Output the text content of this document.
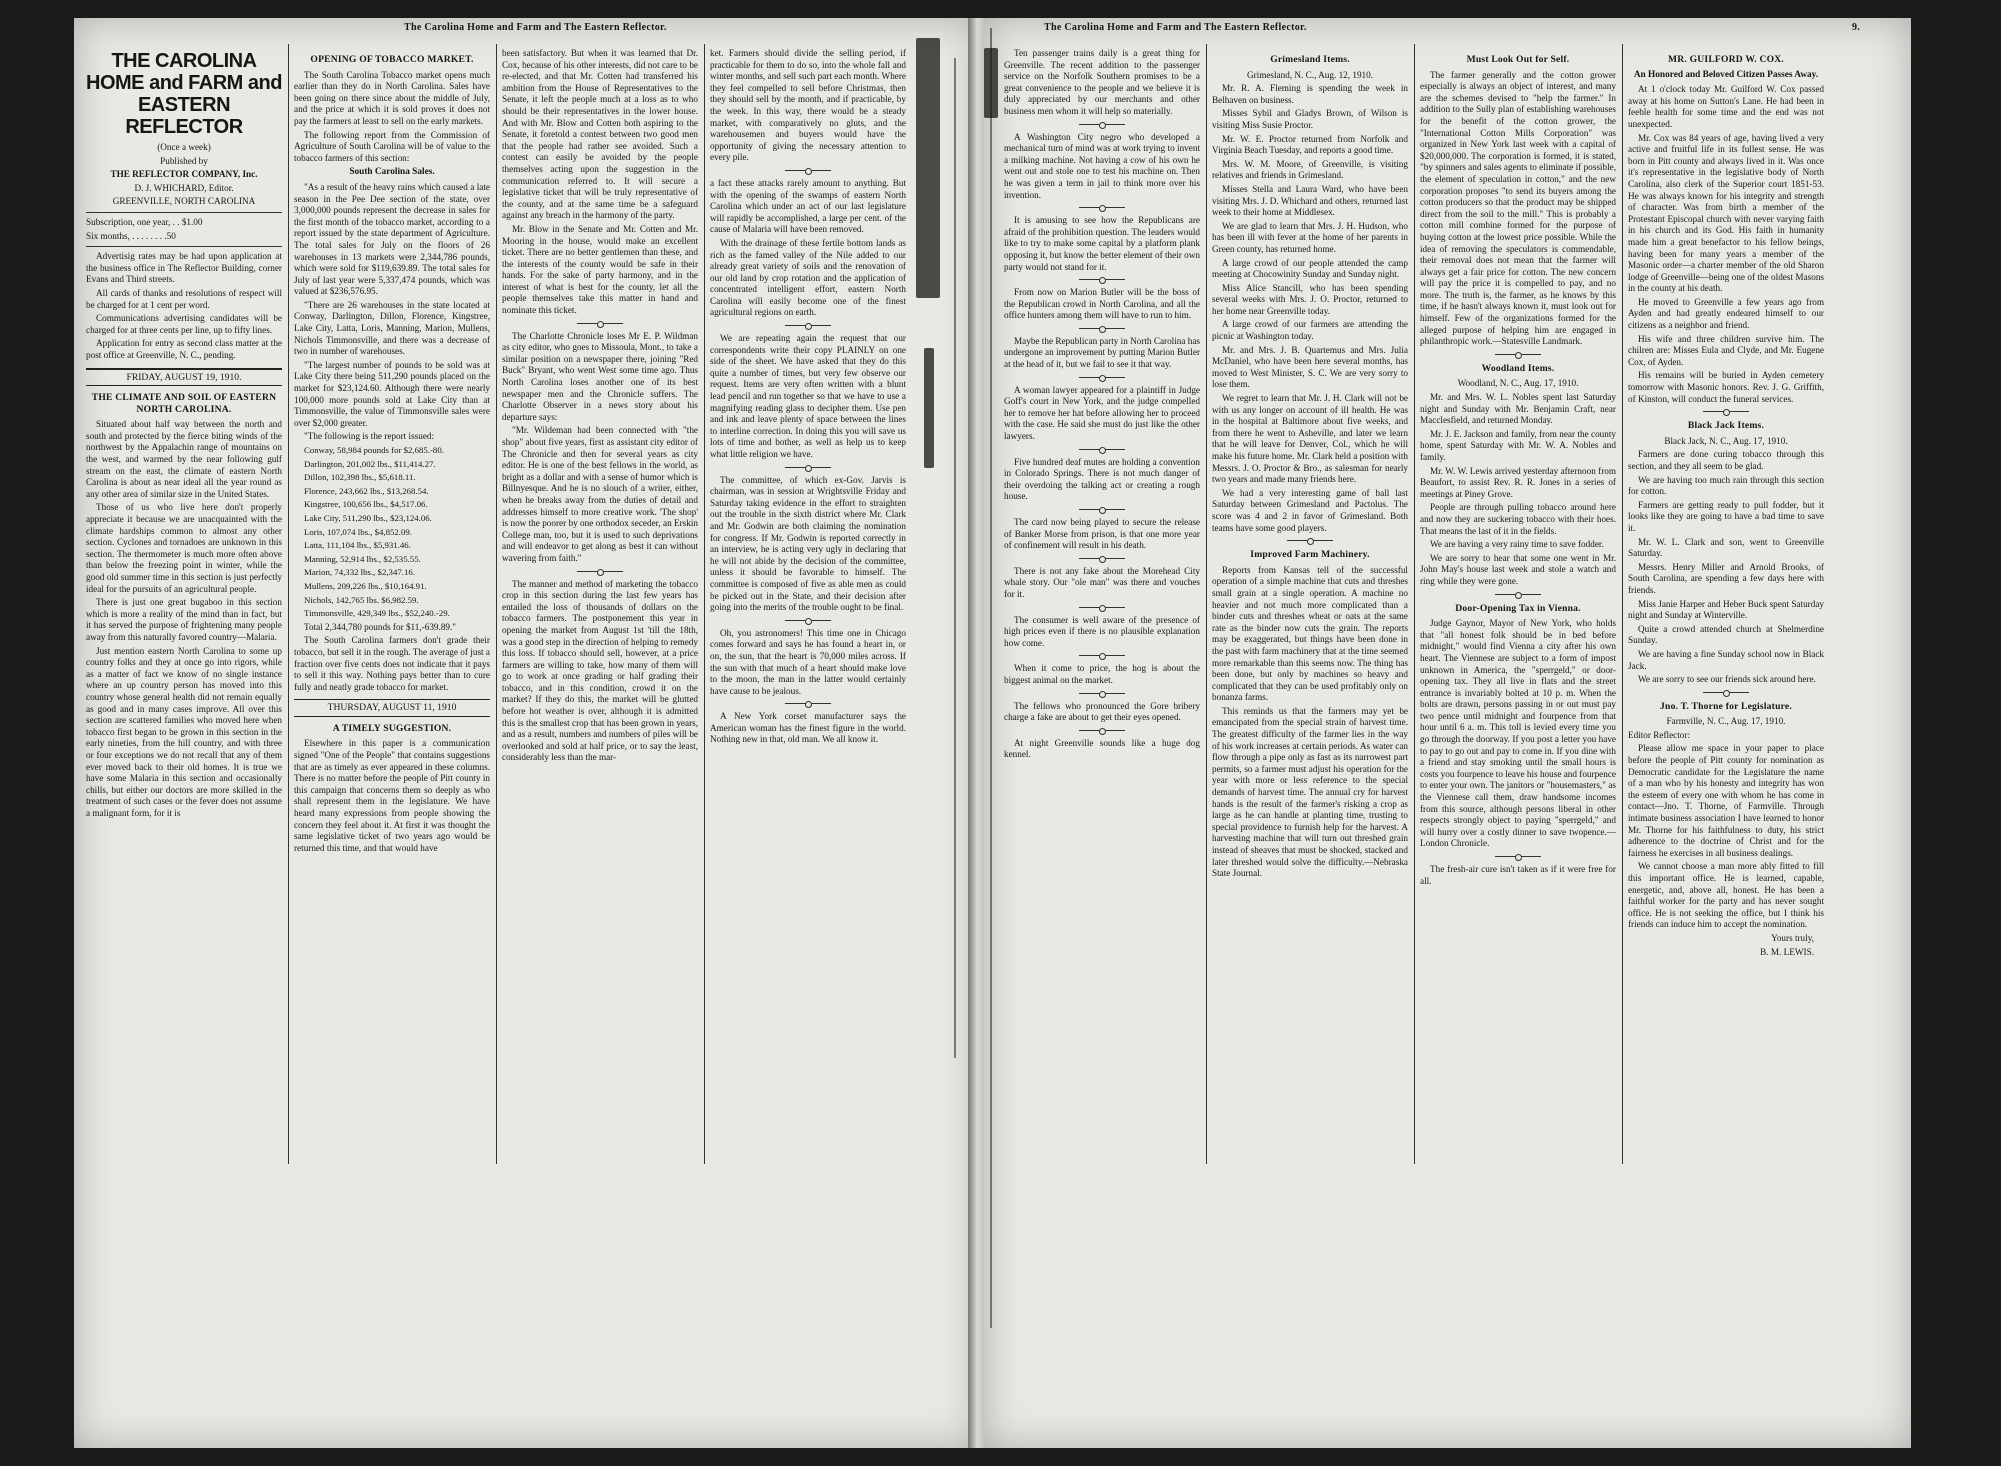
The Carolina Home and Farm and The Eastern Reflector.
THE CAROLINA HOME and FARM and EASTERN REFLECTOR

(Once a week)

Published by

THE REFLECTOR COMPANY, Inc.

D. J. WHICHARD, Editor.

GREENVILLE, NORTH CAROLINA

Subscription, one year, . . $1.00

Six months, . . . . . . . .50

Advertisig rates may be had upon application at the business office in The Reflector Building, corner Evans and Third streets.

All cards of thanks and resolutions of respect will be charged for at 1 cent per word.

Communications advertising candidates will be charged for at three cents per line, up to fifty lines.

Application for entry as second class matter at the post office at Greenville, N. C., pending.

FRIDAY, AUGUST 19, 1910.
THE CLIMATE AND SOIL OF EASTERN NORTH CAROLINA.

Situated about half way between the north and south and protected by the fierce biting winds of the northwest by the Appalachin range of mountains on the west, and warmed by the near following gulf stream on the east, the climate of eastern North Carolina is about as near ideal all the year round as any other area of similar size in the United States.

Those of us who live here don't properly appreciate it because we are unacquainted with the climate hardships common to almost any other section. Cyclones and tornadoes are unknown in this section. The thermometer is much more often above than below the freezing point in winter, while the good old summer time in this section is just perfectly ideal for the pursuits of an agricultural people.

There is just one great bugaboo in this section which is more a reality of the mind than in fact, but it has served the purpose of frightening many people away from this naturally favored country—Malaria.

Just mention eastern North Carolina to some up country folks and they at once go into rigors, while as a matter of fact we know of no single instance where an up country person has moved into this country whose general health did not remain equally as good and in many cases improve. All over this section are scattered families who moved here when tobacco first began to be grown in this section in the early nineties, from the hill country, and with three or four exceptions we do not recall that any of them ever moved back to their old homes. It is true we have some Malaria in this section and occasionally chills, but either our doctors are more skilled in the treatment of such cases or the fever does not assume a malignant form, for it is

OPENING OF TOBACCO MARKET.

The South Carolina Tobacco market opens much earlier than they do in North Carolina. Sales have been going on there since about the middle of July, and the price at which it is sold proves it does not pay the farmers at least to sell on the early markets.

The following report from the Commission of Agriculture of South Carolina will be of value to the tobacco farmers of this section:

South Carolina Sales.

"As a result of the heavy rains which caused a late season in the Pee Dee section of the state, over 3,000,000 pounds represent the decrease in sales for the first month of the tobacco market, according to a report issued by the state department of Agriculture. The total sales for July on the floors of 26 warehouses in 13 markets were 2,344,786 pounds, which were sold for $119,639.89. The total sales for July of last year were 5,337,474 pounds, which was valued at $236,576.95.

"There are 26 warehouses in the state located at Conway, Darlington, Dillon, Florence, Kingstree, Lake City, Latta, Loris, Manning, Marion, Mullens, Nichols Timmonsville, and there was a decrease of two in number of warehouses.

"The largest number of pounds to be sold was at Lake City there being 511,290 pounds placed on the market for $23,124.60. Although there were nearly 100,000 more pounds sold at Lake City than at Timmonsville, the value of Timmonsville sales were over $2,000 greater.

"The following is the report issued:

Conway, 58,984 pounds for $2,685.-80.

Darlington, 201,002 lbs., $11,414.27.

Dillon, 102,398 lbs., $5,618.11.

Florence, 243,662 lbs., $13,268.54.

Kingstree, 100,656 lbs., $4,517.06.

Lake City, 511,290 lbs., $23,124.06.

Loris, 107,074 lbs., $4,852.09.

Latta, 111,104 lbs., $5,931.46.

Manning, 52,914 lbs., $2,535.55.

Marion, 74,332 lbs., $2,347.16.

Mullens, 209,226 lbs., $10,164.91.

Nichols, 142,765 lbs. $6,982.59.

Timmonsville, 429,349 lbs., $52,240.-29.

Total 2,344,780 pounds for $11,-639.89."

The South Carolina farmers don't grade their tobacco, but sell it in the rough. The average of just a fraction over five cents does not indicate that it pays to sell it this way. Nothing pays better than to cure fully and neatly grade tobacco for market.

THURSDAY, AUGUST 11, 1910
A TIMELY SUGGESTION.

Elsewhere in this paper is a communication signed "One of the People" that contains suggestions that are as timely as ever appeared in these columns. There is no matter before the people of Pitt county in this campaign that concerns them so deeply as who shall represent them in the legislature. We have heard many expressions from people showing the concern they feel about it. At first it was thought the same legislative ticket of two years ago would be returned this time, and that would have

been satisfactory. But when it was learned that Dr. Cox, because of his other interests, did not care to be re-elected, and that Mr. Cotten had transferred his ambition from the House of Representatives to the Senate, it left the people much at a loss as to who should be their representatives in the lower house. And with Mr. Blow and Cotten both aspiring to the Senate, it foretold a contest between two good men that the people had rather see avoided. Such a contest can easily be avoided by the people themselves acting upon the suggestion in the communication referred to. It will secure a legislative ticket that will be truly representative of the county, and at the same time be a safeguard against any breach in the harmony of the party.

Mr. Blow in the Senate and Mr. Cotten and Mr. Mooring in the house, would make an excellent ticket. There are no better gentlemen than these, and the interests of the county would be safe in their hands. For the sake of party harmony, and in the interest of what is best for the county, let all the people themselves take this matter in hand and nominate this ticket.

The Charlotte Chronicle loses Mr E. P. Wildman as city editor, who goes to Missoula, Mont., to take a similar position on a newspaper there, joining "Red Buck" Bryant, who went West some time ago. Thus North Carolina loses another one of its best newspaper men and the Chronicle suffers. The Charlotte Observer in a news story about his departure says:

"Mr. Wildeman had been connected with "the shop" about five years, first as assistant city editor of The Chronicle and then for several years as city editor. He is one of the best fellows in the world, as bright as a dollar and with a sense of humor which is Billnyesque. And he is no slouch of a writer, either, when he breaks away from the duties of detail and addresses himself to more creative work. 'The shop' is now the poorer by one orthodox seceder, an Erskin College man, too, but it is used to such deprivations and will endeavor to get along as best it can without wavering from faith."

The manner and method of marketing the tobacco crop in this section during the last few years has entailed the loss of thousands of dollars on the tobacco farmers. The postponement this year in opening the market from August 1st 'till the 18th, was a good step in the direction of helping to remedy this loss. If tobacco should sell, however, at a price farmers are willing to take, how many of them will go to work at once grading or half grading their tobacco, and in this condition, crowd it on the market? If they do this, the market will be glutted before hot weather is over, although it is admitted this is the smallest crop that has been grown in years, and as a result, numbers and numbers of piles will be overlooked and sold at half price, or to say the least, considerably less than the mar-

ket. Farmers should divide the selling period, if practicable for them to do so, into the whole fall and winter months, and sell such part each month. Where they feel compelled to sell before Christmas, then they should sell by the month, and if practicable, by the week. In this way, there would be a steady market, with comparatively no gluts, and the warehousemen and buyers would have the opportunity of giving the necessary attention to every pile.

a fact these attacks rarely amount to anything. But with the opening of the swamps of eastern North Carolina which under an act of our last legislature will rapidly be accomplished, a large per cent. of the cause of Malaria will have been removed.

With the drainage of these fertile bottom lands as rich as the famed valley of the Nile added to our already great variety of soils and the renovation of our old land by crop rotation and the application of concentrated intelligent effort, eastern North Carolina will easily become one of the finest agricultural regions on earth.

We are repeating again the request that our correspondents write their copy PLAINLY on one side of the sheet. We have asked that they do this quite a number of times, but very few observe our request. Items are very often written with a blunt lead pencil and run together so that we have to use a magnifying reading glass to decipher them. Use pen and ink and leave plenty of space between the lines to interline correction. In doing this you will save us lots of time and bother, as well as help us to keep what little religion we have.

The committee, of which ex-Gov. Jarvis is chairman, was in session at Wrightsville Friday and Saturday taking evidence in the effort to straighten out the trouble in the sixth district where Mr. Clark and Mr. Godwin are both claiming the nomination for congress. If Mr. Godwin is reported correctly in an interview, he is acting very ugly in declaring that he will not abide by the decision of the committee, unless it should be favorable to himself. The committee is composed of five as able men as could be picked out in the State, and their decision after going into the merits of the trouble ought to be final.

Oh, you astronomers! This time one in Chicago comes forward and says he has found a heart in, or on, the sun, that the heart is 70,000 miles across. If the sun with that much of a heart should make love to the moon, the man in the latter would certainly have cause to be jealous.

A New York corset manufacturer says the American woman has the finest figure in the world. Nothing new in that, old man. We all know it.

The Carolina Home and Farm and The Eastern Reflector.	9.

Ten passenger trains daily is a great thing for Greenville. The recent addition to the passenger service on the Norfolk Southern promises to be a great convenience to the people and we believe it is duly appreciated by our merchants and other business men whom it will help so materially.

A Washington City negro who developed a mechanical turn of mind was at work trying to invent a milking machine. Not having a cow of his own he went out and stole one to test his machine on. Then he was given a term in jail to think more over his invention.

It is amusing to see how the Republicans are afraid of the prohibition question. The leaders would like to try to make some capital by a platform plank opposing it, but know the better element of their own party would not stand for it.

From now on Marion Butler will be the boss of the Republican crowd in North Carolina, and all the office hunters among them will have to run to him.

Maybe the Republican party in North Carolina has undergone an improvement by putting Marion Butler at the head of it, but we fail to see it that way.

A woman lawyer appeared for a plaintiff in Judge Goff's court in New York, and the judge compelled her to remove her hat before allowing her to proceed with the case. He said she must do just like the other lawyers.

Five hundred deaf mutes are holding a convention in Colorado Springs. There is not much danger of their overdoing the talking act or creating a rough house.

The card now being played to secure the release of Banker Morse from prison, is that one more year of confinement will result in his death.

There is not any fake about the Morehead City whale story. Our "ole man" was there and vouches for it.

The consumer is well aware of the presence of high prices even if there is no plausible explanation how come.

When it come to price, the hog is about the biggest animal on the market.

The fellows who pronounced the Gore bribery charge a fake are about to get their eyes opened.

At night Greenville sounds like a huge dog kennel.

Grimesland Items.

Grimesland, N. C., Aug. 12, 1910.

Mr. R. A. Fleming is spending the week in Belhaven on business.

Misses Sybil and Gladys Brown, of Wilson is visiting Miss Susie Proctor.

Mr. W. E. Proctor returned from Norfolk and Virginia Beach Tuesday, and reports a good time.

Mrs. W. M. Moore, of Greenville, is visiting relatives and friends in Grimesland.

Misses Stella and Laura Ward, who have been visiting Mrs. J. D. Whichard and others, returned last week to their home at Middlesex.

We are glad to learn that Mrs. J. H. Hudson, who has been ill with fever at the home of her parents in Green county, has returned home.

A large crowd of our people attended the camp meeting at Chocowinity Sunday and Sunday night.

Miss Alice Stancill, who has been spending several weeks with Mrs. J. O. Proctor, returned to her home near Greenville today.

A large crowd of our farmers are attending the picnic at Washington today.

Mr. and Mrs. J. B. Quartemus and Mrs. Julia McDaniel, who have been here several months, has moved to West Minister, S. C. We are very sorry to lose them.

We regret to learn that Mr. J. H. Clark will not be with us any longer on account of ill health. He was in the hospital at Baltimore about five weeks, and from there he went to Asheville, and later we learn that he will leave for Denver, Col., which he will make his future home. Mr. Clark held a position with Messrs. J. O. Proctor & Bro., as salesman for nearly two years and made many friends here.

We had a very interesting game of ball last Saturday between Grimesland and Pactolus. The score was 4 and 2 in favor of Grimesland. Both teams have some good players.

Improved Farm Machinery.

Reports from Kansas tell of the successful operation of a simple machine that cuts and threshes small grain at a single operation. A machine no heavier and not much more complicated than a binder cuts and threshes wheat or oats at the same rate as the binder now cuts the grain. The reports may be exaggerated, but things have been done in the past with farm machinery that at the time seemed more remarkable than this seems now. The thing has been done, but only by machines so heavy and complicated that they can be used profitably only on bonanza farms.

This reminds us that the farmers may yet be emancipated from the special strain of harvest time. The greatest difficulty of the farmer lies in the way of his work increases at certain periods. As water can flow through a pipe only as fast as its narrowest part permits, so a farmer must adjust his operation for the year with more or less reference to the special demands of harvest time. The annual cry for harvest hands is the result of the farmer's risking a crop as large as he can handle at planting time, trusting to special providence to furnish help for the harvest. A harvesting machine that will turn out threshed grain instead of sheaves that must be shocked, stacked and later threshed would solve the difficulty.—Nebraska State Journal.

Must Look Out for Self.

The farmer generally and the cotton grower especially is always an object of interest, and many are the schemes devised to "help the farmer." In addition to the Sully plan of establishing warehouses for the benefit of the cotton grower, the "International Cotton Mills Corporation" was organized in New York last week with a capital of $20,000,000. The corporation is formed, it is stated, "by spinners and sales agents to eliminate if possible, the element of speculation in cotton," and the new corporation proposes "to send its buyers among the cotton producers so that the product may be shipped direct from the soil to the mill." This is probably a cotton mill combine formed for the purpose of buying cotton at the lowest price possible. While the idea of removing the speculators is commendable, their removal does not mean that the farmer will always get a fair price for cotton. The new concern will pay the price it is compelled to pay, and no more. The truth is, the farmer, as he knows by this time, if he hasn't always known it, must look out for himself. Few of the organizations formed for the alleged purpose of helping him are engaged in philanthropic work.—Statesville Landmark.

Woodland Items.

Woodland, N. C., Aug. 17, 1910.

Mr. and Mrs. W. L. Nobles spent last Saturday night and Sunday with Mr. Benjamin Craft, near Macclesfield, and returned Monday.

Mr. J. E. Jackson and family, from near the county home, spent Saturday with Mr. W. A. Nobles and family.

Mr. W. W. Lewis arrived yesterday afternoon from Beaufort, to assist Rev. R. R. Jones in a series of meetings at Piney Grove.

People are through pulling tobacco around here and now they are suckering tobacco with their hoes. That means the last of it in the fields.

We are having a very rainy time to save fodder.

We are sorry to hear that some one went in Mr. John May's house last week and stole a watch and ring while they were gone.

Door-Opening Tax in Vienna.

Judge Gaynor, Mayor of New York, who holds that "all honest folk should be in bed before midnight," would find Vienna a city after his own heart. The Viennese are subject to a form of impost unknown in America, the "sperrgeld," or door-opening tax. They all live in flats and the street entrance is invariably bolted at 10 p. m. When the bolts are drawn, persons passing in or out must pay two pence until midnight and fourpence from that hour until 6 a. m. This toll is levied every time you go through the doorway. If you post a letter you have to pay to go out and pay to come in. If you dine with a friend and stay smoking until the small hours is costs you fourpence to leave his house and fourpence to enter your own. The janitors or "housemasters," as the Viennese call them, draw handsome incomes from this source, although persons liberal in other respects strongly object to paying "sperrgeld," and will hurry over a costly dinner to save twopence.—London Chronicle.

The fresh-air cure isn't taken as if it were free for all.

MR. GUILFORD W. COX.
An Honored and Beloved Citizen Passes Away.

At 1 o'clock today Mr. Guilford W. Cox passed away at his home on Sutton's Lane. He had been in feeble health for some time and the end was not unexpected.

Mr. Cox was 84 years of age, having lived a very active and fruitful life in its fullest sense. He was born in Pitt county and always lived in it. Was once it's representative in the legislative body of North Carolina, also clerk of the Superior court 1851-53. He was always known for his integrity and strength of character. Was from birth a member of the Protestant Episcopal church with never varying faith in his church and its God. His faith in humanity made him a great benefactor to his fellow beings, having been for many years a member of the Masonic order—a charter member of the old Sharon lodge of Greenville—being one of the oldest Masons in the county at his death.

He moved to Greenville a few years ago from Ayden and had greatly endeared himself to our citizens as a neighbor and friend.

His wife and three children survive him. The chilren are: Misses Eula and Clyde, and Mr. Eugene Cox, of Ayden.

His remains will be buried in Ayden cemetery tomorrow with Masonic honors. Rev. J. G. Griffith, of Kinston, will conduct the funeral services.

Black Jack Items.

Black Jack, N. C., Aug. 17, 1910.

Farmers are done curing tobacco through this section, and they all seem to be glad.

We are having too much rain through this section for cotton.

Farmers are getting ready to pull fodder, but it looks like they are going to have a bad time to save it.

Mr. W. L. Clark and son, went to Greenville Saturday.

Messrs. Henry Miller and Arnold Brooks, of South Carolina, are spending a few days here with friends.

Miss Janie Harper and Heber Buck spent Saturday night and Sunday at Winterville.

Quite a crowd attended church at Shelmerdine Sunday.

We are having a fine Sunday school now in Black Jack.

We are sorry to see our friends sick around here.

Jno. T. Thorne for Legislature.

Farmville, N. C., Aug. 17, 1910.

Editor Reflector:

Please allow me space in your paper to place before the people of Pitt county for nomination as Democratic candidate for the Legislature the name of a man who by his honesty and integrity has won the esteem of every one with whom he has come in contact—Jno. T. Thorne, of Farmville. Through intimate business association I have learned to honor Mr. Thorne for his faithfulness to duty, his strict adherence to the doctrine of Christ and for the fairness he exercises in all business dealings.

We cannot choose a man more ably fitted to fill this important office. He is learned, capable, energetic, and, above all, honest. He has been a faithful worker for the party and has never sought office. He is not seeking the office, but I think his friends can induce him to accept the nomination.

Yours truly,

B. M. LEWIS.
